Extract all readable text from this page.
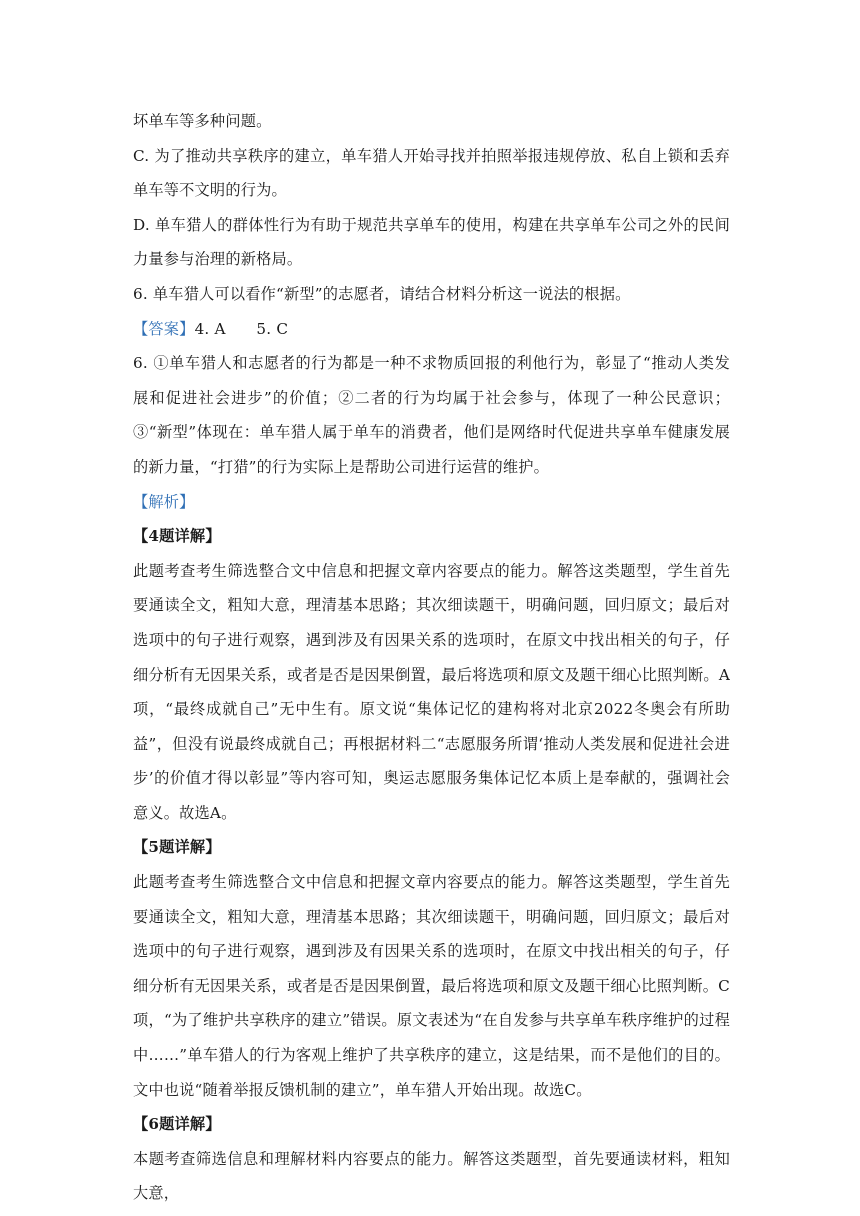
坏单车等多种问题。

C. 为了推动共享秩序的建立，单车猎人开始寻找并拍照举报违规停放、私自上锁和丢弃单车等不文明的行为。

D. 单车猎人的群体性行为有助于规范共享单车的使用，构建在共享单车公司之外的民间力量参与治理的新格局。

6. 单车猎人可以看作“新型”的志愿者，请结合材料分析这一说法的根据。

【答案】4. A　　5. C

6. ①单车猎人和志愿者的行为都是一种不求物质回报的利他行为，彰显了“推动人类发展和促进社会进步”的价值；②二者的行为均属于社会参与，体现了一种公民意识；③“新型”体现在：单车猎人属于单车的消费者，他们是网络时代促进共享单车健康发展的新力量，“打猎”的行为实际上是帮助公司进行运营的维护。

【解析】

【4题详解】

此题考查考生筛选整合文中信息和把握文章内容要点的能力。解答这类题型，学生首先要通读全文，粗知大意，理清基本思路；其次细读题干，明确问题，回归原文；最后对选项中的句子进行观察，遇到涉及有因果关系的选项时，在原文中找出相关的句子，仔细分析有无因果关系，或者是否是因果倒置，最后将选项和原文及题干细心比照判断。A项，“最终成就自己”无中生有。原文说“集体记忆的建构将对北京2022冬奥会有所助益”，但没有说最终成就自己；再根据材料二“志愿服务所谓‘推动人类发展和促进社会进步’的价值才得以彰显”等内容可知，奥运志愿服务集体记忆本质上是奉献的，强调社会意义。故选A。

【5题详解】

此题考查考生筛选整合文中信息和把握文章内容要点的能力。解答这类题型，学生首先要通读全文，粗知大意，理清基本思路；其次细读题干，明确问题，回归原文；最后对选项中的句子进行观察，遇到涉及有因果关系的选项时，在原文中找出相关的句子，仔细分析有无因果关系，或者是否是因果倒置，最后将选项和原文及题干细心比照判断。C项，“为了维护共享秩序的建立”错误。原文表述为“在自发参与共享单车秩序维护的过程中……”单车猎人的行为客观上维护了共享秩序的建立，这是结果，而不是他们的目的。文中也说“随着举报反馈机制的建立”，单车猎人开始出现。故选C。

【6题详解】

本题考查筛选信息和理解材料内容要点的能力。解答这类题型，首先要通读材料，粗知大意，
